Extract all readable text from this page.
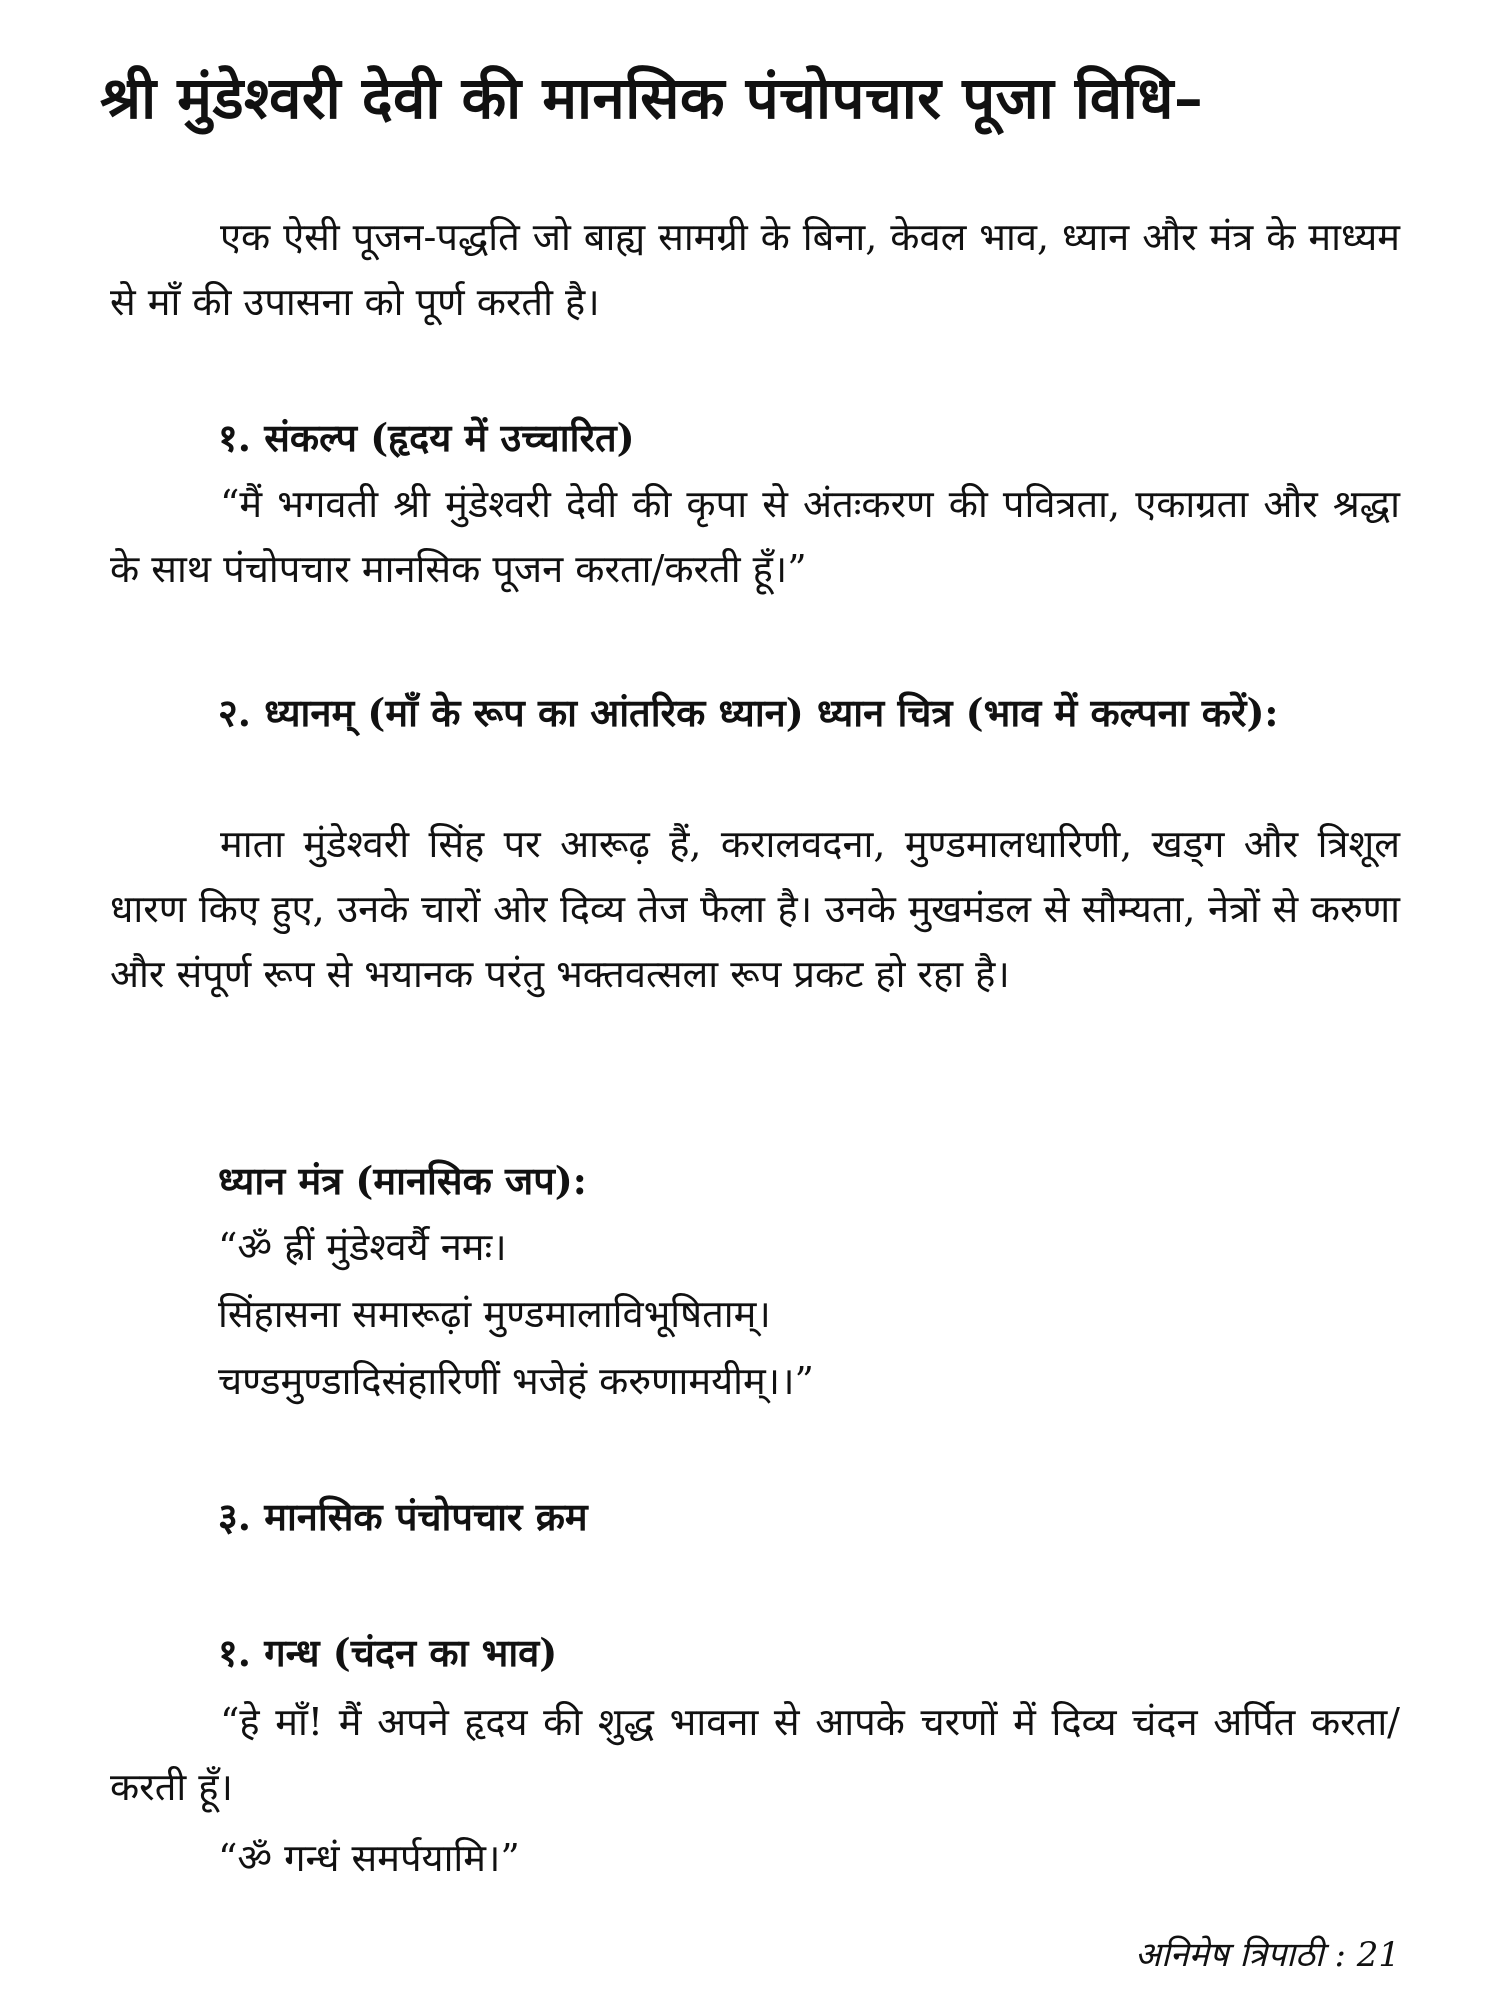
श्री मुंडेश्वरी देवी की मानसिक पंचोपचार पूजा विधि–

एक ऐसी पूजन-पद्धति जो बाह्य सामग्री के बिना, केवल भाव, ध्यान और मंत्र के माध्यम से माँ की उपासना को पूर्ण करती है।

१. संकल्प (हृदय में उच्चारित)

“मैं भगवती श्री मुंडेश्वरी देवी की कृपा से अंतःकरण की पवित्रता, एकाग्रता और श्रद्धा के साथ पंचोपचार मानसिक पूजन करता/करती हूँ।”

२. ध्यानम् (माँ के रूप का आंतरिक ध्यान) ध्यान चित्र (भाव में कल्पना करें):

माता मुंडेश्वरी सिंह पर आरूढ़ हैं, करालवदना, मुण्डमालधारिणी, खड्ग और त्रिशूल धारण किए हुए, उनके चारों ओर दिव्य तेज फैला है। उनके मुखमंडल से सौम्यता, नेत्रों से करुणा और संपूर्ण रूप से भयानक परंतु भक्तवत्सला रूप प्रकट हो रहा है।

ध्यान मंत्र (मानसिक जप):

“ॐ ह्रीं मुंडेश्वर्यै नमः।

सिंहासना समारूढ़ां मुण्डमालाविभूषिताम्।

चण्डमुण्डादिसंहारिणीं भजेहं करुणामयीम्।।”

३. मानसिक पंचोपचार क्रम

१. गन्ध (चंदन का भाव)

“हे माँ! मैं अपने हृदय की शुद्ध भावना से आपके चरणों में दिव्य चंदन अर्पित करता/करती हूँ।

“ॐ गन्धं समर्पयामि।”

अनिमेष त्रिपाठी : 21
